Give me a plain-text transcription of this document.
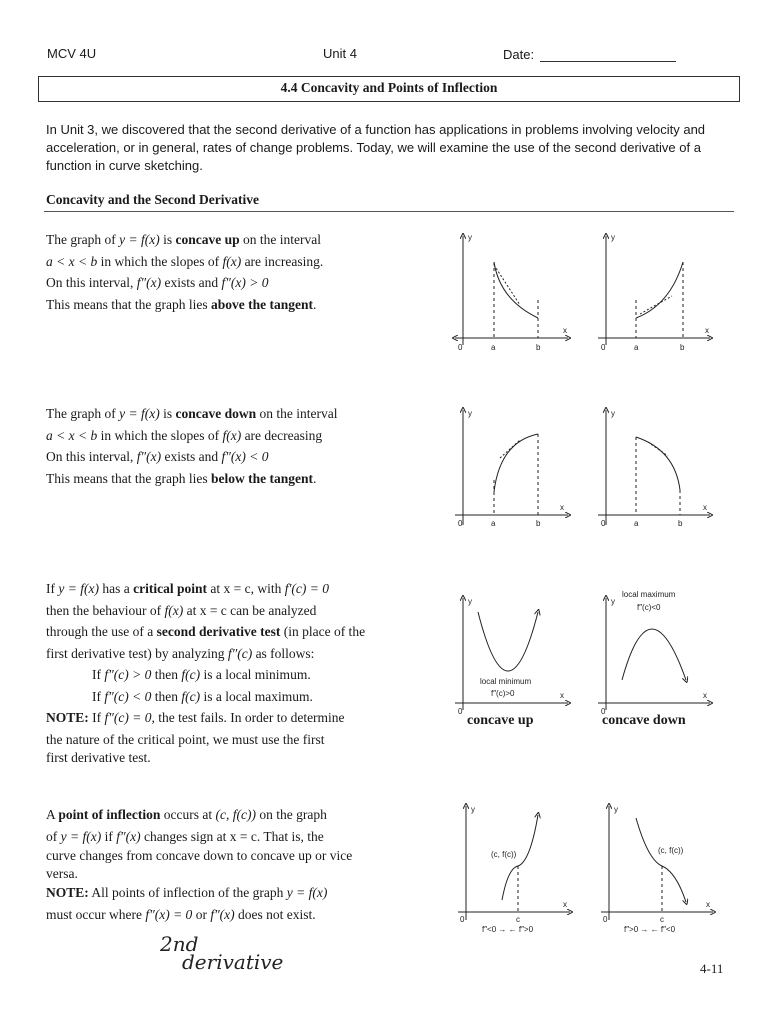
MCV 4U	Unit 4	Date:
4.4 Concavity and Points of Inflection
In Unit 3, we discovered that the second derivative of a function has applications in problems involving velocity and acceleration, or in general, rates of change problems. Today, we will examine the use of the second derivative of a function in curve sketching.
Concavity and the Second Derivative
The graph of y = f(x) is concave up on the interval
a < x < b in which the slopes of f(x) are increasing.
On this interval, f″(x) exists and f″(x) > 0
This means that the graph lies above the tangent.
The graph of y = f(x) is concave down on the interval
a < x < b in which the slopes of f(x) are decreasing
On this interval, f″(x) exists and f″(x) < 0
This means that the graph lies below the tangent.
If y = f(x) has a critical point at x = c, with f′(c) = 0
then the behaviour of f(x) at x = c can be analyzed
through the use of a second derivative test (in place of the
first derivative test) by analyzing f″(c) as follows:
If f″(c) > 0 then f(c) is a local minimum.
If f″(c) < 0 then f(c) is a local maximum.
NOTE: If f″(c) = 0, the test fails. In order to determine
the nature of the critical point, we must use the first
first derivative test.
A point of inflection occurs at (c, f(c)) on the graph
of y = f(x) if f″(x) changes sign at x = c. That is, the
curve changes from concave down to concave up or vice
versa.
NOTE: All points of inflection of the graph y = f(x)
must occur where f″(x) = 0 or f″(x) does not exist.
2nd
derivative	4-11
y
x
0	a	b
y
x
0	a	b
y
x
0	a	b
y
x
0	a	b
y
x
0
local minimum
f″(c)>0
y
x
0
local maximum
f″(c)<0
y
x
0
(c, f(c))
c
f″<0 → ← f″>0
y
x
0
(c, f(c))
c
f″>0 → ← f″<0
concave up	concave down
